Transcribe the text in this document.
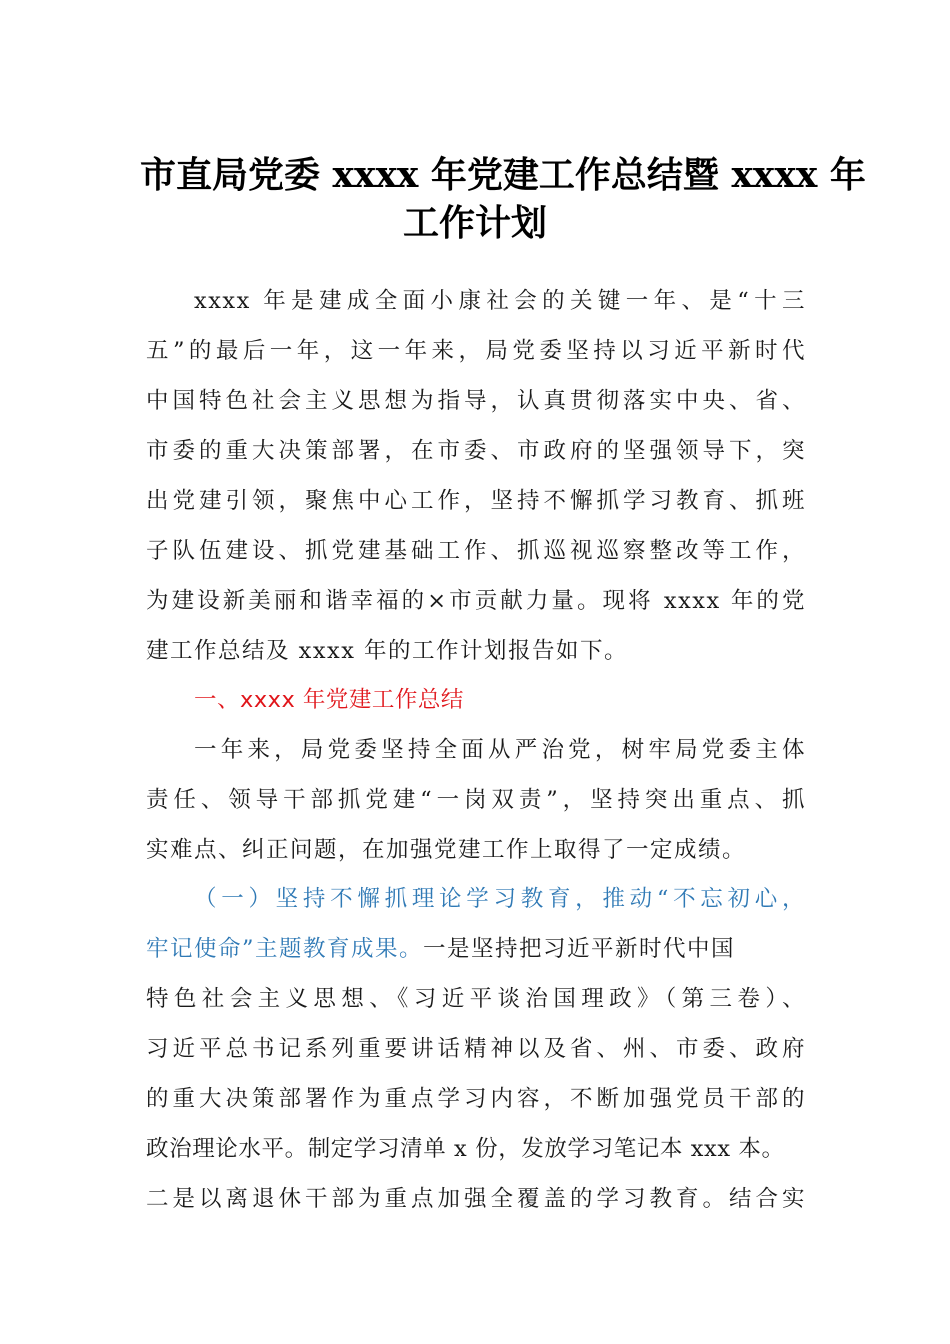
市直局党委 xxxx 年党建工作总结暨 xxxx 年
工作计划
xxxx 年是建成全面小康社会的关键一年、是“十三
五”的最后一年，这一年来，局党委坚持以习近平新时代
中国特色社会主义思想为指导，认真贯彻落实中央、省、
市委的重大决策部署，在市委、市政府的坚强领导下，突
出党建引领，聚焦中心工作，坚持不懈抓学习教育、抓班
子队伍建设、抓党建基础工作、抓巡视巡察整改等工作，
为建设新美丽和谐幸福的×市贡献力量。现将 xxxx 年的党
建工作总结及 xxxx 年的工作计划报告如下。
一、xxxx 年党建工作总结
一年来，局党委坚持全面从严治党，树牢局党委主体
责任、领导干部抓党建“一岗双责”，坚持突出重点、抓
实难点、纠正问题，在加强党建工作上取得了一定成绩。
（一）坚持不懈抓理论学习教育，推动“不忘初心，
牢记使命”主题教育成果。一是坚持把习近平新时代中国
特色社会主义思想、《习近平谈治国理政》（第三卷）、
习近平总书记系列重要讲话精神以及省、州、市委、政府
的重大决策部署作为重点学习内容，不断加强党员干部的
政治理论水平。制定学习清单 x 份，发放学习笔记本 xxx 本。
二是以离退休干部为重点加强全覆盖的学习教育。结合实
